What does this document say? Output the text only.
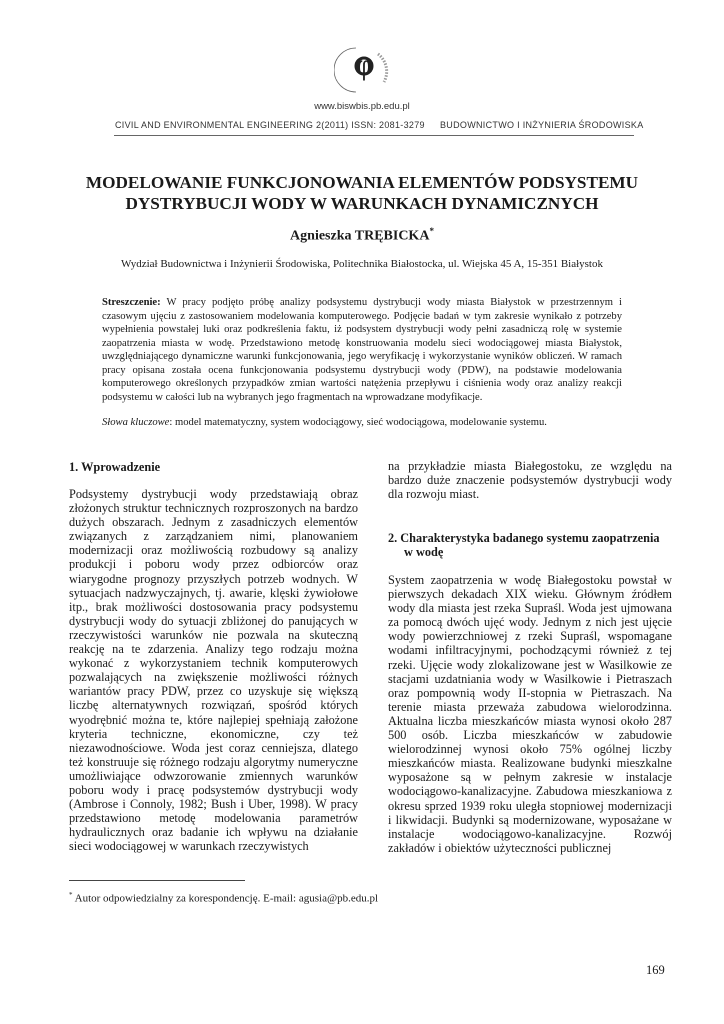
φ
www.biswbis.pb.edu.pl
CIVIL AND ENVIRONMENTAL ENGINEERING 2(2011) ISSN: 2081-3279 BUDOWNICTWO I INŻYNIERIA ŚRODOWISKA
MODELOWANIE FUNKCJONOWANIA ELEMENTÓW PODSYSTEMU
DYSTRYBUCJI WODY W WARUNKACH DYNAMICZNYCH
Agnieszka TRĘBICKA*
Wydział Budownictwa i Inżynierii Środowiska, Politechnika Białostocka, ul. Wiejska 45 A, 15-351 Białystok
Streszczenie: W pracy podjęto próbę analizy podsystemu dystrybucji wody miasta Białystok w przestrzennym i czasowym ujęciu z zastosowaniem modelowania komputerowego. Podjęcie badań w tym zakresie wynikało z potrzeby wypełnienia powstałej luki oraz podkreślenia faktu, iż podsystem dystrybucji wody pełni zasadniczą rolę w systemie zaopatrzenia miasta w wodę. Przedstawiono metodę konstruowania modelu sieci wodociągowej miasta Białystok, uwzględniającego dynamiczne warunki funkcjonowania, jego weryfikację i wykorzystanie wyników obliczeń. W ramach pracy opisana została ocena funkcjonowania podsystemu dystrybucji wody (PDW), na podstawie modelowania komputerowego określonych przypadków zmian wartości natężenia przepływu i ciśnienia wody oraz analizy reakcji podsystemu w całości lub na wybranych jego fragmentach na wprowadzane modyfikacje.
Słowa kluczowe: model matematyczny, system wodociągowy, sieć wodociągowa, modelowanie systemu.
1. Wprowadzenie
Podsystemy dystrybucji wody przedstawiają obraz złożonych struktur technicznych rozproszonych na bardzo dużych obszarach. Jednym z zasadniczych elementów związanych z zarządzaniem nimi, planowaniem modernizacji oraz możliwością rozbudowy są analizy produkcji i poboru wody przez odbiorców oraz wiarygodne prognozy przyszłych potrzeb wodnych. W sytuacjach nadzwyczajnych, tj. awarie, klęski żywiołowe itp., brak możliwości dostosowania pracy podsystemu dystrybucji wody do sytuacji zbliżonej do panujących w rzeczywistości warunków nie pozwala na skuteczną reakcję na te zdarzenia. Analizy tego rodzaju można wykonać z wykorzystaniem technik komputerowych pozwalających na zwiększenie możliwości różnych wariantów pracy PDW, przez co uzyskuje się większą liczbę alternatywnych rozwiązań, spośród których wyodrębnić można te, które najlepiej spełniają założone kryteria techniczne, ekonomiczne, czy też niezawodnościowe. Woda jest coraz cenniejsza, dlatego też konstruuje się różnego rodzaju algorytmy numeryczne umożliwiające odwzorowanie zmiennych warunków poboru wody i pracę podsystemów dystrybucji wody (Ambrose i Connoly, 1982; Bush i Uber, 1998). W pracy przedstawiono metodę modelowania parametrów hydraulicznych oraz badanie ich wpływu na działanie sieci wodociągowej w warunkach rzeczywistych
na przykładzie miasta Białegostoku, ze względu na bardzo duże znaczenie podsystemów dystrybucji wody dla rozwoju miast.
2. Charakterystyka badanego systemu zaopatrzenia
w wodę
System zaopatrzenia w wodę Białegostoku powstał w pierwszych dekadach XIX wieku. Głównym źródłem wody dla miasta jest rzeka Supraśl. Woda jest ujmowana za pomocą dwóch ujęć wody. Jednym z nich jest ujęcie wody powierzchniowej z rzeki Supraśl, wspomagane wodami infiltracyjnymi, pochodzącymi również z tej rzeki. Ujęcie wody zlokalizowane jest w Wasilkowie ze stacjami uzdatniania wody w Wasilkowie i Pietraszach oraz pompownią wody II-stopnia w Pietraszach. Na terenie miasta przeważa zabudowa wielorodzinna. Aktualna liczba mieszkańców miasta wynosi około 287 500 osób. Liczba mieszkańców w zabudowie wielorodzinnej wynosi około 75% ogólnej liczby mieszkańców miasta. Realizowane budynki mieszkalne wyposażone są w pełnym zakresie w instalacje wodociągowo-kanalizacyjne. Zabudowa mieszkaniowa z okresu sprzed 1939 roku uległa stopniowej modernizacji i likwidacji. Budynki są modernizowane, wyposażane w instalacje wodociągowo-kanalizacyjne. Rozwój zakładów i obiektów użyteczności publicznej
* Autor odpowiedzialny za korespondencję. E-mail: agusia@pb.edu.pl
169
